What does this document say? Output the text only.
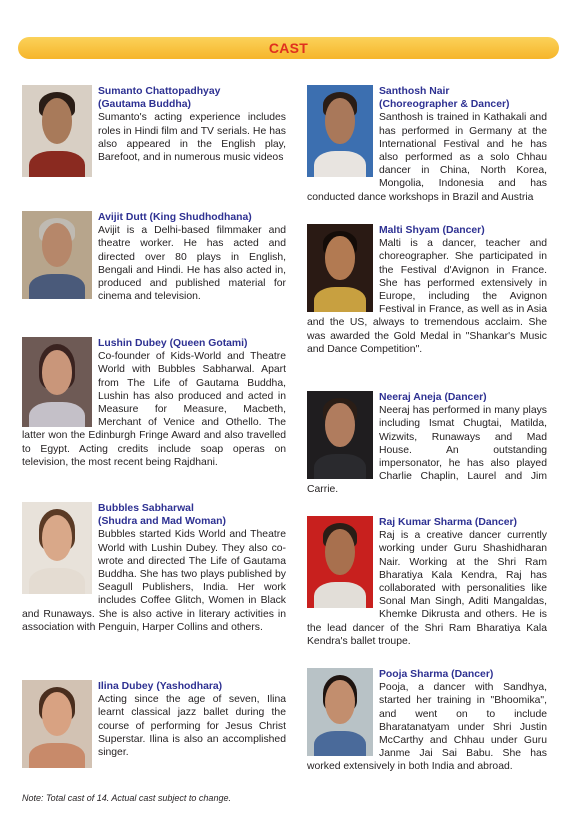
CAST
Sumanto Chattopadhyay
(Gautama Buddha)
Sumanto's acting experience includes roles in Hindi film and TV serials. He has also appeared in the English play, Barefoot, and in numerous music videos
Avijit Dutt (King Shudhodhana)
Avijit is a Delhi-based filmmaker and theatre worker. He has acted and directed over 80 plays in English, Bengali and Hindi. He has also acted in, produced and published material for cinema and television.
Lushin Dubey (Queen Gotami)
Co-founder of Kids-World and Theatre World with Bubbles Sabharwal. Apart from The Life of Gautama Buddha, Lushin has also produced and acted in Measure for Measure, Macbeth, Merchant of Venice and Othello. The latter won the Edinburgh Fringe Award and also travelled to Egypt. Acting credits include soap operas on television, the most recent being Rajdhani.
Bubbles Sabharwal
(Shudra and Mad Woman)
Bubbles started Kids World and Theatre World with Lushin Dubey. They also co-wrote and directed The Life of Gautama Buddha. She has two plays published by Seagull Publishers, India. Her work includes Coffee Glitch, Women in Black and Runaways. She is also active in literary activities in association with Penguin, Harper Collins and others.
Ilina Dubey (Yashodhara)
Acting since the age of seven, Ilina learnt classical jazz ballet during the course of performing for Jesus Christ Superstar. Ilina is also an accomplished singer.
Santhosh Nair
(Choreographer & Dancer)
Santhosh is trained in Kathakali and has performed in Germany at the International Festival and he has also performed as a solo Chhau dancer in China, North Korea, Mongolia, Indonesia and has conducted dance workshops in Brazil and Austria
Malti Shyam (Dancer)
Malti is a dancer, teacher and choreographer. She participated in the Festival d'Avignon in France. She has performed extensively in Europe, including the Avignon Festival in France, as well as in Asia and the US, always to tremendous acclaim. She was awarded the Gold Medal in "Shankar's Music and Dance Competition".
Neeraj Aneja (Dancer)
Neeraj has performed in many plays including Ismat Chugtai, Matilda, Wizwits, Runaways and Mad House. An outstanding impersonator, he has also played Charlie Chaplin, Laurel and Jim Carrie.
Raj Kumar Sharma (Dancer)
Raj is a creative dancer currently working under Guru Shashidharan Nair. Working at the Shri Ram Bharatiya Kala Kendra, Raj has collaborated with personalities like Sonal Man Singh, Aditi Mangaldas, Khemke Dikrusta and others. He is the lead dancer of the Shri Ram Bharatiya Kala Kendra's ballet troupe.
Pooja Sharma (Dancer)
Pooja, a dancer with Sandhya, started her training in "Bhoomika", and went on to include Bharatanatyam under Shri Justin McCarthy and Chhau under Guru Janme Jai Sai Babu. She has worked extensively in both India and abroad.
Note: Total cast of 14. Actual cast subject to change.
